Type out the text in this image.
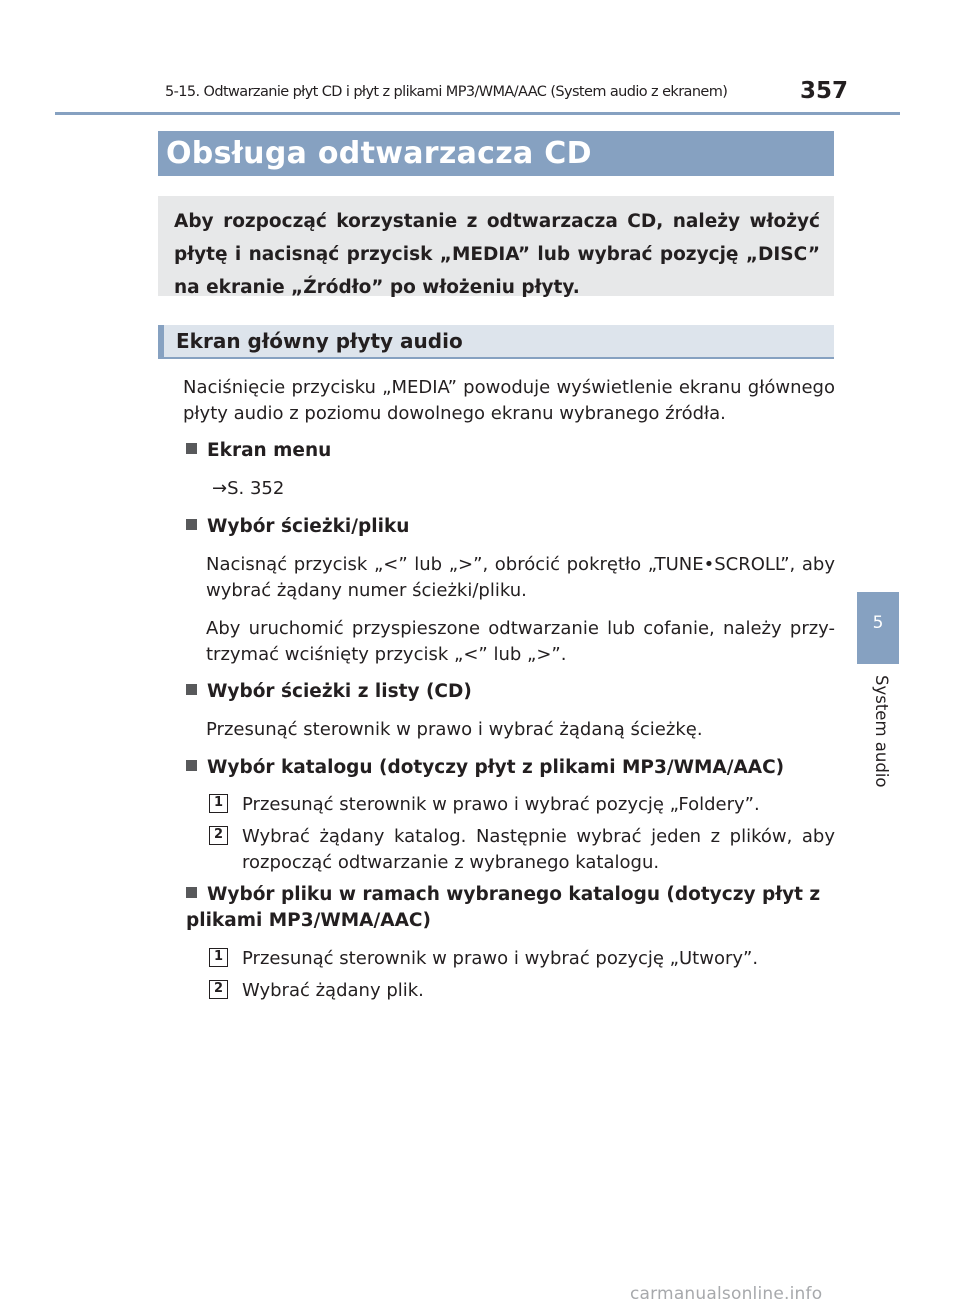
5-15. Odtwarzanie płyt CD i płyt z plikami MP3/WMA/AAC (System audio z ekranem)	357
5
System audio
Obsługa odtwarzacza CD
Aby rozpocząć korzystanie z odtwarzacza CD, należy włożyć płytę i nacisnąć przycisk „MEDIA” lub wybrać pozycję „DISC” na ekranie „Źródło” po włożeniu płyty.
Ekran główny płyty audio
Naciśnięcie przycisku „MEDIA” powoduje wyświetlenie ekranu głównego płyty audio z poziomu dowolnego ekranu wybranego źródła.
Ekran menu
→S. 352
Wybór ścieżki/pliku
Nacisnąć przycisk „<” lub „>”, obrócić pokrętło „TUNE•SCROLL”, aby wybrać żądany numer ścieżki/pliku.
Aby uruchomić przyspieszone odtwarzanie lub cofanie, należy przy-trzymać wciśnięty przycisk „<” lub „>”.
Wybór ścieżki z listy (CD)
Przesunąć sterownik w prawo i wybrać żądaną ścieżkę.
Wybór katalogu (dotyczy płyt z plikami MP3/WMA/AAC)
1 Przesunąć sterownik w prawo i wybrać pozycję „Foldery”.
2 Wybrać żądany katalog. Następnie wybrać jeden z plików, aby rozpocząć odtwarzanie z wybranego katalogu.
Wybór pliku w ramach wybranego katalogu (dotyczy płyt z plikami MP3/WMA/AAC)
1 Przesunąć sterownik w prawo i wybrać pozycję „Utwory”.
2 Wybrać żądany plik.
carmanualsonline.info
